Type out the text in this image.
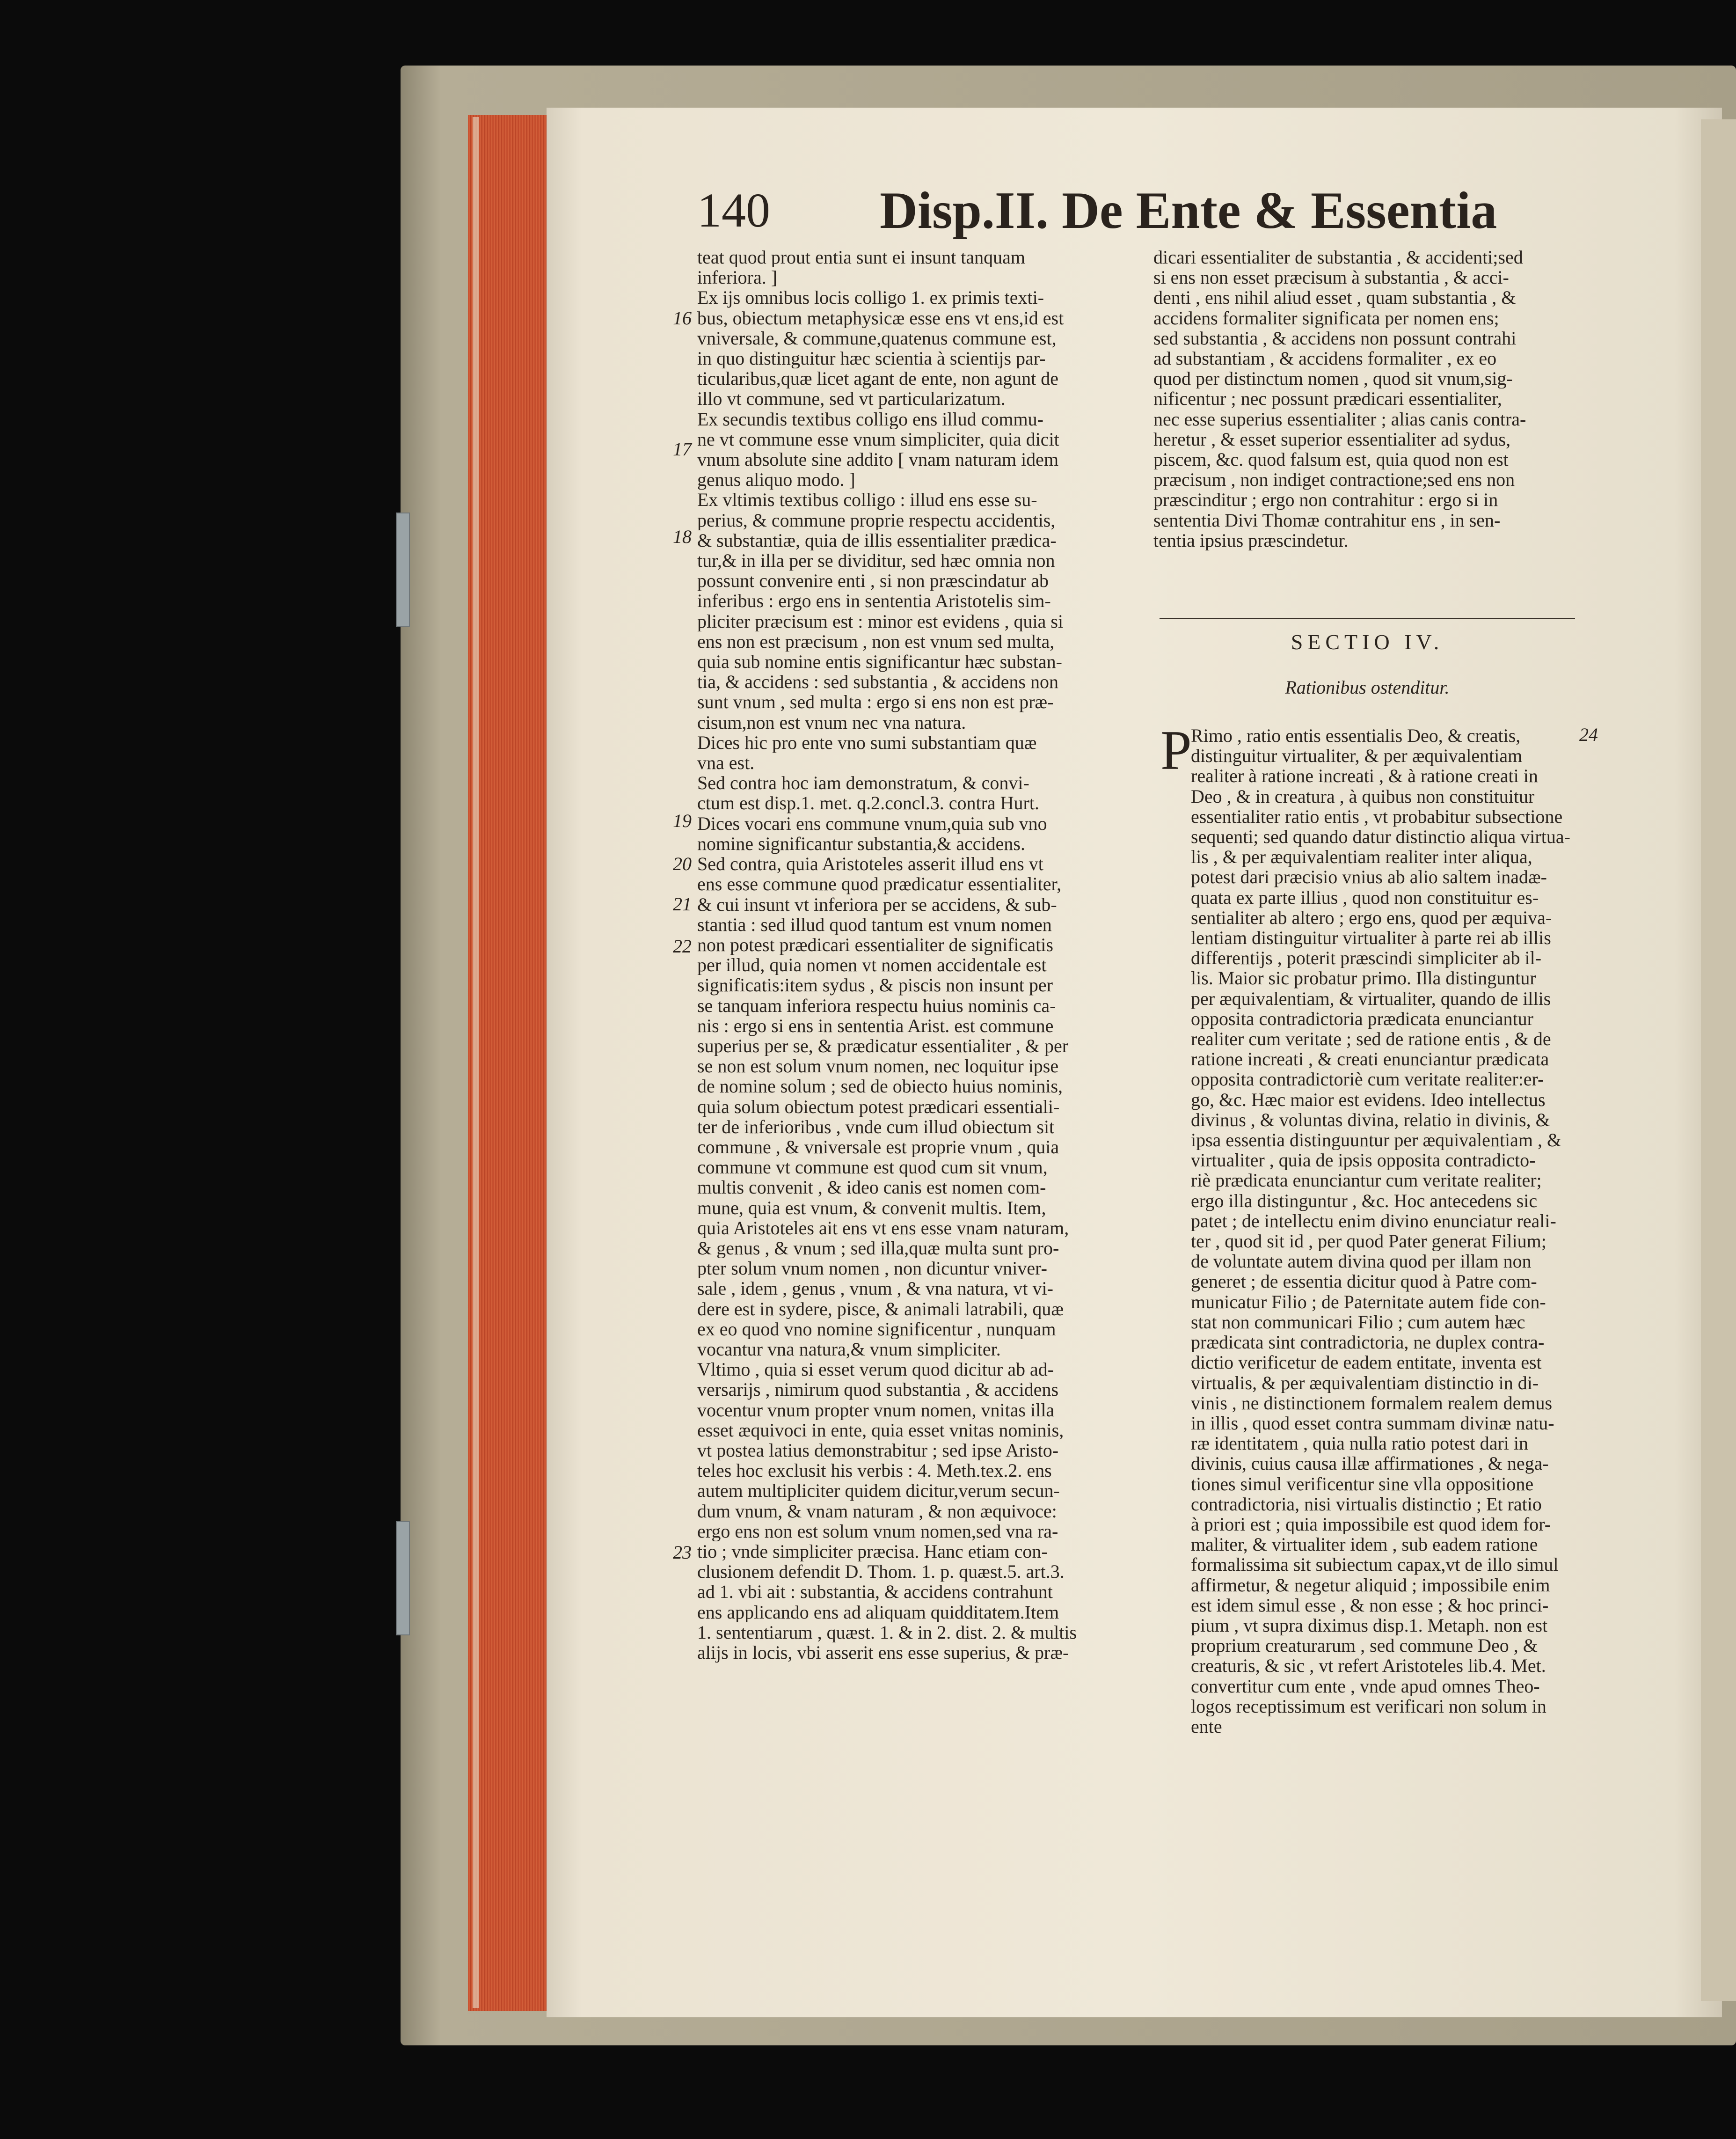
140 Disp.II. De Ente & Essentia
teat quod prout entia sunt ei insunt tanquam
inferiora. ]
Ex ijs omnibus locis colligo 1. ex primis texti-
bus, obiectum metaphysicæ esse ens vt ens,id est
vniversale, & commune,quatenus commune est,
in quo distinguitur hæc scientia à scientijs par-
ticularibus,quæ licet agant de ente, non agunt de
illo vt commune, sed vt particularizatum.
Ex secundis textibus colligo ens illud commu-
ne vt commune esse vnum simpliciter, quia dicit
vnum absolute sine addito [ vnam naturam idem
genus aliquo modo. ]
Ex vltimis textibus colligo : illud ens esse su-
perius, & commune proprie respectu accidentis,
& substantiæ, quia de illis essentialiter prædica-
tur,& in illa per se dividitur, sed hæc omnia non
possunt convenire enti , si non præscindatur ab
inferibus : ergo ens in sententia Aristotelis sim-
pliciter præcisum est : minor est evidens , quia si
ens non est præcisum , non est vnum sed multa,
quia sub nomine entis significantur hæc substan-
tia, & accidens : sed substantia , & accidens non
sunt vnum , sed multa : ergo si ens non est præ-
cisum,non est vnum nec vna natura.
Dices hic pro ente vno sumi substantiam quæ
vna est.
Sed contra hoc iam demonstratum, & convi-
ctum est disp.1. met. q.2.concl.3. contra Hurt.
Dices vocari ens commune vnum,quia sub vno
nomine significantur substantia,& accidens.
Sed contra, quia Aristoteles asserit illud ens vt
ens esse commune quod prædicatur essentialiter,
& cui insunt vt inferiora per se accidens, & sub-
stantia : sed illud quod tantum est vnum nomen
non potest prædicari essentialiter de significatis
per illud, quia nomen vt nomen accidentale est
significatis:item sydus , & piscis non insunt per
se tanquam inferiora respectu huius nominis ca-
nis : ergo si ens in sententia Arist. est commune
superius per se, & prædicatur essentialiter , & per
se non est solum vnum nomen, nec loquitur ipse
de nomine solum ; sed de obiecto huius nominis,
quia solum obiectum potest prædicari essentiali-
ter de inferioribus , vnde cum illud obiectum sit
commune , & vniversale est proprie vnum , quia
commune vt commune est quod cum sit vnum,
multis convenit , & ideo canis est nomen com-
mune, quia est vnum, & convenit multis. Item,
quia Aristoteles ait ens vt ens esse vnam naturam,
& genus , & vnum ; sed illa,quæ multa sunt pro-
pter solum vnum nomen , non dicuntur vniver-
sale , idem , genus , vnum , & vna natura, vt vi-
dere est in sydere, pisce, & animali latrabili, quæ
ex eo quod vno nomine significentur , nunquam
vocantur vna natura,& vnum simpliciter.
Vltimo , quia si esset verum quod dicitur ab ad-
versarijs , nimirum quod substantia , & accidens
vocentur vnum propter vnum nomen, vnitas illa
esset æquivoci in ente, quia esset vnitas nominis,
vt postea latius demonstrabitur ; sed ipse Aristo-
teles hoc exclusit his verbis : 4. Meth.tex.2. ens
autem multipliciter quidem dicitur,verum secun-
dum vnum, & vnam naturam , & non æquivoce:
ergo ens non est solum vnum nomen,sed vna ra-
tio ; vnde simpliciter præcisa. Hanc etiam con-
clusionem defendit D. Thom. 1. p. quæst.5. art.3.
ad 1. vbi ait : substantia, & accidens contrahunt
ens applicando ens ad aliquam quidditatem.Item
1. sententiarum , quæst. 1. & in 2. dist. 2. & multis
alijs in locis, vbi asserit ens esse superius, & præ-
dicari essentialiter de substantia , & accidenti;sed
si ens non esset præcisum à substantia , & acci-
denti , ens nihil aliud esset , quam substantia , &
accidens formaliter significata per nomen ens;
sed substantia , & accidens non possunt contrahi
ad substantiam , & accidens formaliter , ex eo
quod per distinctum nomen , quod sit vnum,sig-
nificentur ; nec possunt prædicari essentialiter,
nec esse superius essentialiter ; alias canis contra-
heretur , & esset superior essentialiter ad sydus,
piscem, &c. quod falsum est, quia quod non est
præcisum , non indiget contractione;sed ens non
præscinditur ; ergo non contrahitur : ergo si in
sententia Divi Thomæ contrahitur ens , in sen-
tentia ipsius præscindetur.
SECTIO IV.
Rationibus ostenditur.
P
Rimo , ratio entis essentialis Deo, & creatis,
distinguitur virtualiter, & per æquivalentiam
realiter à ratione increati , & à ratione creati in
Deo , & in creatura , à quibus non constituitur
essentialiter ratio entis , vt probabitur subsectione
sequenti; sed quando datur distinctio aliqua virtua-
lis , & per æquivalentiam realiter inter aliqua,
potest dari præcisio vnius ab alio saltem inadæ-
quata ex parte illius , quod non constituitur es-
sentialiter ab altero ; ergo ens, quod per æquiva-
lentiam distinguitur virtualiter à parte rei ab illis
differentijs , poterit præscindi simpliciter ab il-
lis. Maior sic probatur primo. Illa distinguntur
per æquivalentiam, & virtualiter, quando de illis
opposita contradictoria prædicata enunciantur
realiter cum veritate ; sed de ratione entis , & de
ratione increati , & creati enunciantur prædicata
opposita contradictoriè cum veritate realiter:er-
go, &c. Hæc maior est evidens. Ideo intellectus
divinus , & voluntas divina, relatio in divinis, &
ipsa essentia distinguuntur per æquivalentiam , &
virtualiter , quia de ipsis opposita contradicto-
riè prædicata enunciantur cum veritate realiter;
ergo illa distinguntur , &c. Hoc antecedens sic
patet ; de intellectu enim divino enunciatur reali-
ter , quod sit id , per quod Pater generat Filium;
de voluntate autem divina quod per illam non
generet ; de essentia dicitur quod à Patre com-
municatur Filio ; de Paternitate autem fide con-
stat non communicari Filio ; cum autem hæc
prædicata sint contradictoria, ne duplex contra-
dictio verificetur de eadem entitate, inventa est
virtualis, & per æquivalentiam distinctio in di-
vinis , ne distinctionem formalem realem demus
in illis , quod esset contra summam divinæ natu-
ræ identitatem , quia nulla ratio potest dari in
divinis, cuius causa illæ affirmationes , & nega-
tiones simul verificentur sine vlla oppositione
contradictoria, nisi virtualis distinctio ; Et ratio
à priori est ; quia impossibile est quod idem for-
maliter, & virtualiter idem , sub eadem ratione
formalissima sit subiectum capax,vt de illo simul
affirmetur, & negetur aliquid ; impossibile enim
est idem simul esse , & non esse ; & hoc princi-
pium , vt supra diximus disp.1. Metaph. non est
proprium creaturarum , sed commune Deo , &
creaturis, & sic , vt refert Aristoteles lib.4. Met.
convertitur cum ente , vnde apud omnes Theo-
logos receptissimum est verificari non solum in
ente
16
17
18
19
20
21
22
23
24
